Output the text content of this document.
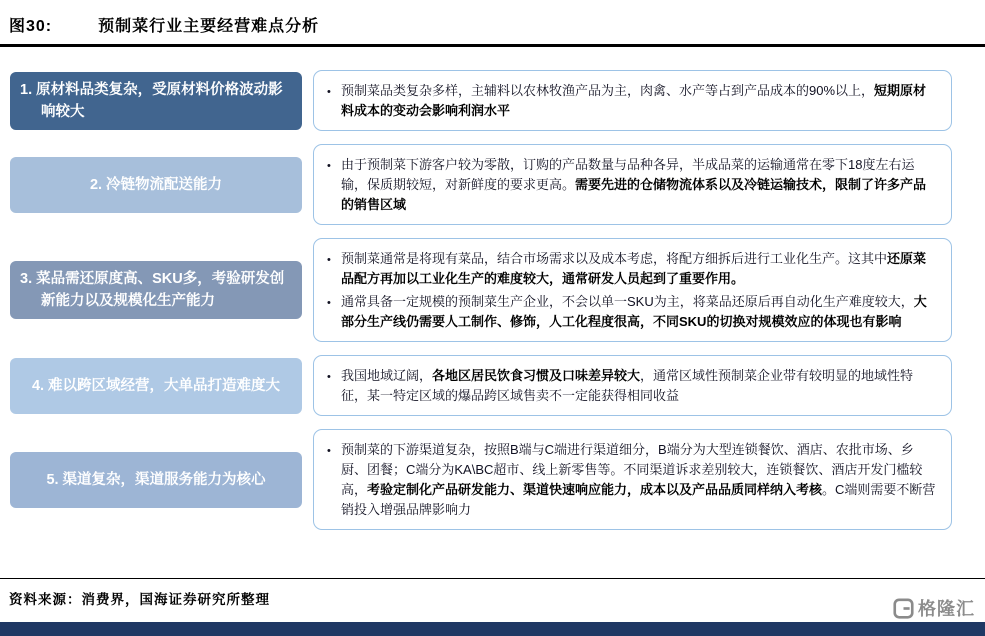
图30:	预制菜行业主要经营难点分析

1. 原材料品类复杂，受原材料价格波动影响较大

• 预制菜品类复杂多样，主辅料以农林牧渔产品为主，肉禽、水产等占到产品成本的90%以上，短期原材料成本的变动会影响利润水平

2. 冷链物流配送能力

• 由于预制菜下游客户较为零散，订购的产品数量与品种各异，半成品菜的运输通常在零下18度左右运输，保质期较短，对新鲜度的要求更高。需要先进的仓储物流体系以及冷链运输技术，限制了许多产品的销售区域

3. 菜品需还原度高、SKU多，考验研发创新能力以及规模化生产能力

• 预制菜通常是将现有菜品，结合市场需求以及成本考虑，将配方细拆后进行工业化生产。这其中还原菜品配方再加以工业化生产的难度较大，通常研发人员起到了重要作用。
• 通常具备一定规模的预制菜生产企业，不会以单一SKU为主，将菜品还原后再自动化生产难度较大，大部分生产线仍需要人工制作、修饰，人工化程度很高，不同SKU的切换对规模效应的体现也有影响

4. 难以跨区域经营，大单品打造难度大

• 我国地域辽阔，各地区居民饮食习惯及口味差异较大，通常区域性预制菜企业带有较明显的地域性特征，某一特定区域的爆品跨区域售卖不一定能获得相同收益

5. 渠道复杂，渠道服务能力为核心

• 预制菜的下游渠道复杂，按照B端与C端进行渠道细分，B端分为大型连锁餐饮、酒店、农批市场、乡厨、团餐；C端分为KA\BC超市、线上新零售等。不同渠道诉求差别较大，连锁餐饮、酒店开发门槛较高，考验定制化产品研发能力、渠道快速响应能力，成本以及产品品质同样纳入考核。C端则需要不断营销投入增强品牌影响力
资料来源：消费界，国海证券研究所整理	格隆汇
